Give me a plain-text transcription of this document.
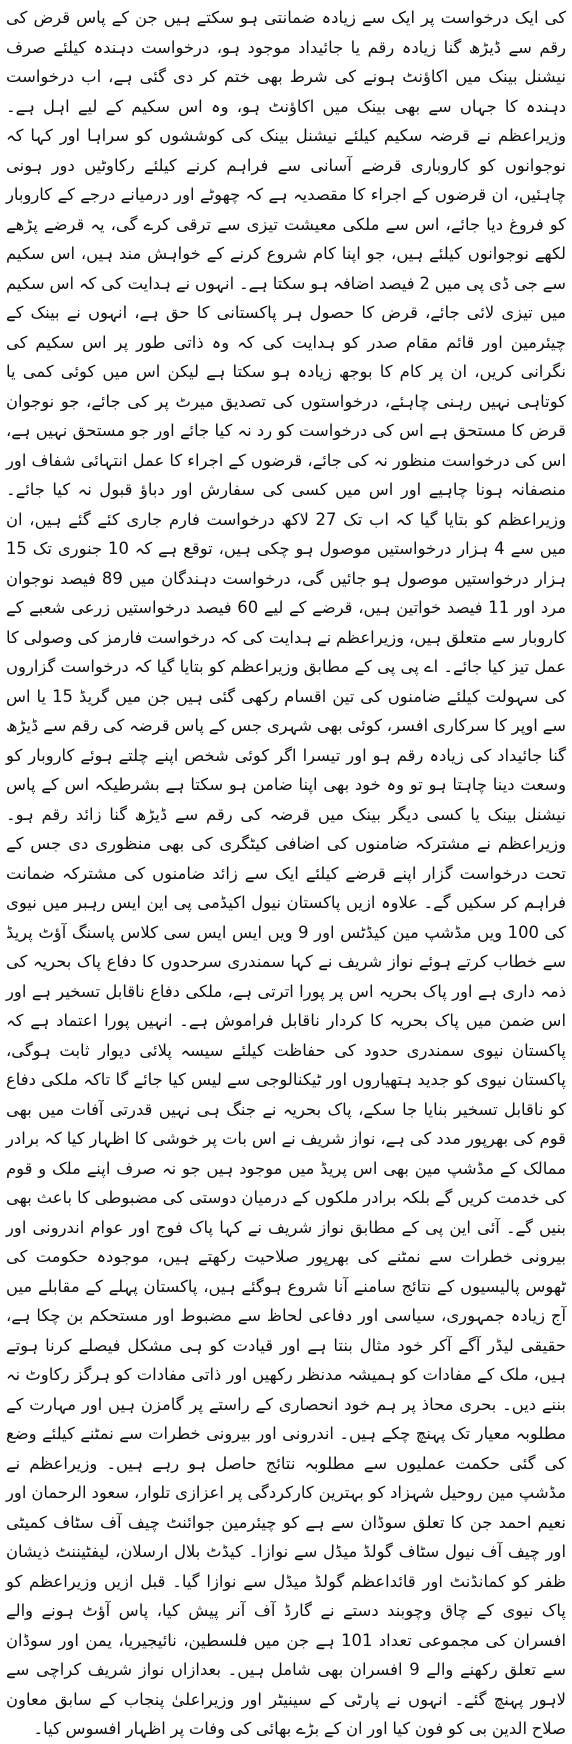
کی ایک درخواست پر ایک سے زیادہ ضمانتی ہو سکتے ہیں جن کے پاس قرض کی رقم سے ڈیڑھ گنا زیادہ رقم یا جائیداد موجود ہو، درخواست دہندہ کیلئے صرف نیشنل بینک میں اکاؤنٹ ہونے کی شرط بھی ختم کر دی گئی ہے، اب درخواست دہندہ کا جہاں سے بھی بینک میں اکاؤنٹ ہو، وہ اس سکیم کے لیے اہل ہے۔ وزیراعظم نے قرضہ سکیم کیلئے نیشنل بینک کی کوششوں کو سراہا اور کہا کہ نوجوانوں کو کاروباری قرضے آسانی سے فراہم کرنے کیلئے رکاوٹیں دور ہونی چاہئیں، ان قرضوں کے اجراء کا مقصدیہ ہے کہ چھوٹے اور درمیانے درجے کے کاروبار کو فروغ دیا جائے، اس سے ملکی معیشت تیزی سے ترقی کرے گی، یہ قرضے پڑھے لکھے نوجوانوں کیلئے ہیں، جو اپنا کام شروع کرنے کے خواہش مند ہیں، اس سکیم سے جی ڈی پی میں 2 فیصد اضافہ ہو سکتا ہے۔ انہوں نے ہدایت کی کہ اس سکیم میں تیزی لائی جائے، قرض کا حصول ہر پاکستانی کا حق ہے، انہوں نے بینک کے چیئرمین اور قائم مقام صدر کو ہدایت کی کہ وہ ذاتی طور پر اس سکیم کی نگرانی کریں، ان پر کام کا بوجھ زیادہ ہو سکتا ہے لیکن اس میں کوئی کمی یا کوتاہی نہیں رہنی چاہئے، درخواستوں کی تصدیق میرٹ پر کی جائے، جو نوجوان قرض کا مستحق ہے اس کی درخواست کو رد نہ کیا جائے اور جو مستحق نہیں ہے، اس کی درخواست منظور نہ کی جائے، قرضوں کے اجراء کا عمل انتہائی شفاف اور منصفانہ ہونا چاہیے اور اس میں کسی کی سفارش اور دباؤ قبول نہ کیا جائے۔ وزیراعظم کو بتایا گیا کہ اب تک 27 لاکھ درخواست فارم جاری کئے گئے ہیں، ان میں سے 4 ہزار درخواستیں موصول ہو چکی ہیں، توقع ہے کہ 10 جنوری تک 15 ہزار درخواستیں موصول ہو جائیں گی، درخواست دہندگان میں 89 فیصد نوجوان مرد اور 11 فیصد خواتین ہیں، قرضے کے لیے 60 فیصد درخواستیں زرعی شعبے کے کاروبار سے متعلق ہیں، وزیراعظم نے ہدایت کی کہ درخواست فارمز کی وصولی کا عمل تیز کیا جائے۔ اے پی پی کے مطابق وزیراعظم کو بتایا گیا کہ درخواست گزاروں کی سہولت کیلئے ضامنوں کی تین اقسام رکھی گئی ہیں جن میں گریڈ 15 یا اس سے اوپر کا سرکاری افسر، کوئی بھی شہری جس کے پاس قرضہ کی رقم سے ڈیڑھ گنا جائیداد کی زیادہ رقم ہو اور تیسرا اگر کوئی شخص اپنے چلتے ہوئے کاروبار کو وسعت دینا چاہتا ہو تو وہ خود بھی اپنا ضامن ہو سکتا ہے بشرطیکہ اس کے پاس نیشنل بینک یا کسی دیگر بینک میں قرضہ کی رقم سے ڈیڑھ گنا زائد رقم ہو۔ وزیراعظم نے مشترکہ ضامنوں کی اضافی کیٹگری کی بھی منظوری دی جس کے تحت درخواست گزار اپنے قرضے کیلئے ایک سے زائد ضامنوں کی مشترکہ ضمانت فراہم کر سکیں گے۔ علاوہ ازیں پاکستان نیول اکیڈمی پی این ایس رہبر میں نیوی کی 100 ویں مڈشپ مین کیڈٹس اور 9 ویں ایس ایس سی کلاس پاسنگ آؤٹ پریڈ سے خطاب کرتے ہوئے نواز شریف نے کہا سمندری سرحدوں کا دفاع پاک بحریہ کی ذمہ داری ہے اور پاک بحریہ اس پر پورا اترتی ہے، ملکی دفاع ناقابل تسخیر ہے اور اس ضمن میں پاک بحریہ کا کردار ناقابل فراموش ہے۔ انہیں پورا اعتماد ہے کہ پاکستان نیوی سمندری حدود کی حفاظت کیلئے سیسہ پلائی دیوار ثابت ہوگی، پاکستان نیوی کو جدید ہتھیاروں اور ٹیکنالوجی سے لیس کیا جائے گا تاکہ ملکی دفاع کو ناقابل تسخیر بنایا جا سکے، پاک بحریہ نے جنگ ہی نہیں قدرتی آفات میں بھی قوم کی بھرپور مدد کی ہے، نواز شریف نے اس بات پر خوشی کا اظہار کیا کہ برادر ممالک کے مڈشپ مین بھی اس پریڈ میں موجود ہیں جو نہ صرف اپنے ملک و قوم کی خدمت کریں گے بلکہ برادر ملکوں کے درمیان دوستی کی مضبوطی کا باعث بھی بنیں گے۔ آئی این پی کے مطابق نواز شریف نے کہا پاک فوج اور عوام اندرونی اور بیرونی خطرات سے نمٹنے کی بھرپور صلاحیت رکھتے ہیں، موجودہ حکومت کی ٹھوس پالیسیوں کے نتائج سامنے آنا شروع ہوگئے ہیں، پاکستان پہلے کے مقابلے میں آج زیادہ جمہوری، سیاسی اور دفاعی لحاظ سے مضبوط اور مستحکم بن چکا ہے، حقیقی لیڈر آگے آکر خود مثال بنتا ہے اور قیادت کو ہی مشکل فیصلے کرنا ہوتے ہیں، ملک کے مفادات کو ہمیشہ مدنظر رکھیں اور ذاتی مفادات کو ہرگز رکاوٹ نہ بننے دیں۔ بحری محاذ پر ہم خود انحصاری کے راستے پر گامزن ہیں اور مہارت کے مطلوبہ معیار تک پہنچ چکے ہیں۔ اندرونی اور بیرونی خطرات سے نمٹنے کیلئے وضع کی گئی حکمت عملیوں سے مطلوبہ نتائج حاصل ہو رہے ہیں۔ وزیراعظم نے مڈشپ مین روحیل شہزاد کو بہترین کارکردگی پر اعزازی تلوار، سعود الرحمان اور نعیم احمد جن کا تعلق سوڈان سے ہے کو چیئرمین جوائنٹ چیف آف سٹاف کمیٹی اور چیف آف نیول سٹاف گولڈ میڈل سے نوازا۔ کیڈٹ بلال ارسلان، لیفٹیننٹ ذیشان ظفر کو کمانڈنٹ اور قائداعظم گولڈ میڈل سے نوازا گیا۔ قبل ازیں وزیراعظم کو پاک نیوی کے چاق وچوبند دستے نے گارڈ آف آنر پیش کیا، پاس آؤٹ ہونے والے افسران کی مجموعی تعداد 101 ہے جن میں فلسطین، نائیجیریا، یمن اور سوڈان سے تعلق رکھنے والے 9 افسران بھی شامل ہیں۔ بعدازاں نواز شریف کراچی سے لاہور پہنچ گئے۔ انہوں نے پارٹی کے سینیٹر اور وزیراعلیٰ پنجاب کے سابق معاون صلاح الدین بی کو فون کیا اور ان کے بڑے بھائی کی وفات پر اظہار افسوس کیا۔
